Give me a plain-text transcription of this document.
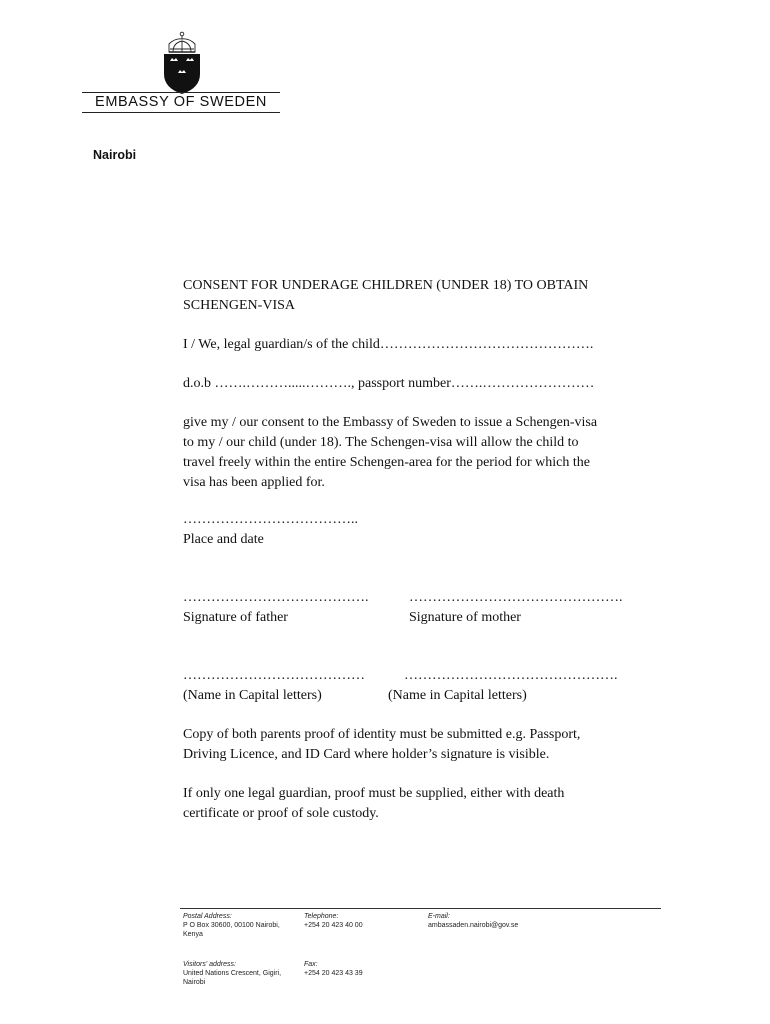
EMBASSY OF SWEDEN
Nairobi
CONSENT FOR UNDERAGE CHILDREN (UNDER 18) TO OBTAIN
SCHENGEN-VISA
I / We, legal guardian/s of the child……………………………………….
d.o.b …….……….....………., passport number…….……………………
give my / our consent to the Embassy of Sweden to issue a Schengen-visa
to my / our child (under 18). The Schengen-visa will allow the child to
travel freely within the entire Schengen-area for the period for which the
visa has been applied for.
………………………………..
Place and date
………………………………….	……………………………………….
Signature of father	Signature of mother
…………………………………	……………………………………….
(Name in Capital letters)	(Name in Capital letters)
Copy of both parents proof of identity must be submitted e.g. Passport,
Driving Licence, and ID Card where holder’s signature is visible.
If only one legal guardian, proof must be supplied, either with death
certificate or proof of sole custody.
Postal Address:
P O Box 30600, 00100 Nairobi,
Kenya
Telephone:
+254 20 423 40 00
E-mail:
ambassaden.nairobi@gov.se
Visitors' address:
United Nations Crescent, Gigiri,
Nairobi
Fax:
+254 20 423 43 39
